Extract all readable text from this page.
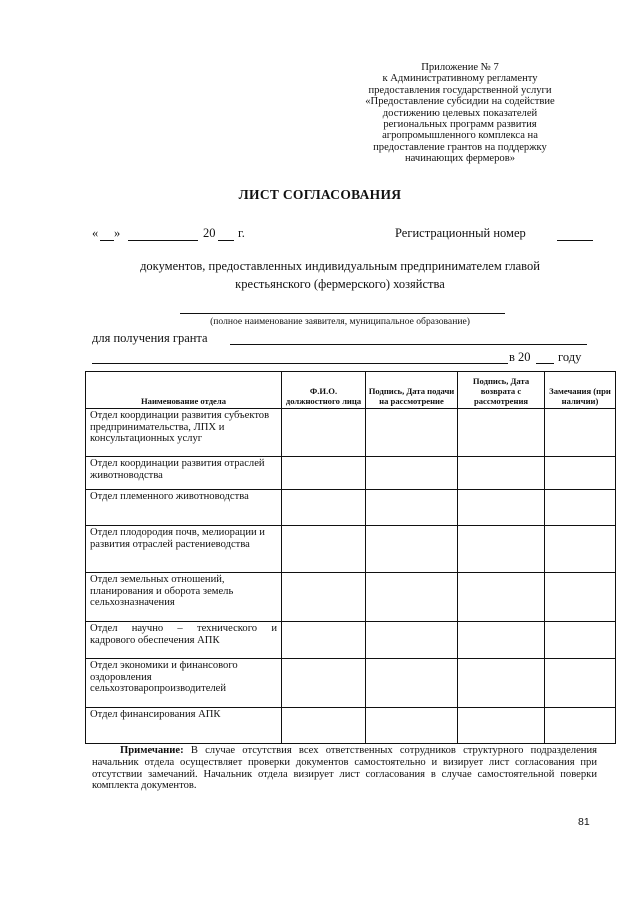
Приложение № 7
к Административному регламенту
предоставления государственной услуги
«Предоставление субсидии на содействие
достижению целевых показателей
региональных программ развития
агропромышленного комплекса на
предоставление грантов на поддержку
начинающих фермеров»
ЛИСТ СОГЛАСОВАНИЯ
« »	20 г.	Регистрационный номер
документов, предоставленных индивидуальным предпринимателем главой
крестьянского (фермерского) хозяйства
(полное наименование заявителя, муниципальное образование)
для получения гранта
в 20 году
Наименование отдела	Ф.И.О. должностного лица	Подпись, Дата подачи на рассмотрение	Подпись, Дата возврата с рассмотрения	Замечания (при наличии)
Отдел координации развития субъектов предпринимательства, ЛПХ и консультационных услуг				
Отдел координации развития отраслей животноводства				
Отдел племенного животноводства				
Отдел плодородия почв, мелиорации и развития отраслей растениеводства				
Отдел земельных отношений, планирования и оборота земель сельхозназначения				
Отдел научно – технического и кадрового обеспечения АПК				
Отдел экономики и финансового оздоровления сельхозтоваропроизводителей				
Отдел финансирования АПК				
Примечание: В случае отсутствия всех ответственных сотрудников структурного подразделения начальник отдела осуществляет проверки документов самостоятельно и визирует лист согласования при отсутствии замечаний. Начальник отдела визирует лист согласования в случае самостоятельной поверки комплекта документов.
81
